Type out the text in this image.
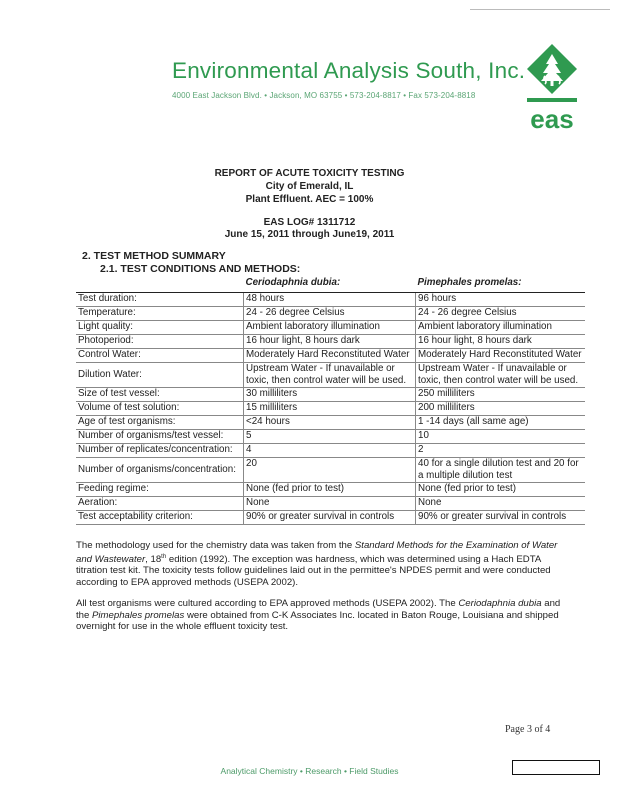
Environmental Analysis South, Inc.
4000 East Jackson Blvd. • Jackson, MO 63755 • 573-204-8817 • Fax 573-204-8818
eas
REPORT OF ACUTE TOXICITY TESTING
City of Emerald, IL
Plant Effluent. AEC = 100%
EAS LOG# 1311712
June 15, 2011 through June19, 2011
2. TEST METHOD SUMMARY
2.1. TEST CONDITIONS AND METHODS:
	Ceriodaphnia dubia:	Pimephales promelas:
Test duration:	48 hours	96 hours
Temperature:	24 - 26 degree Celsius	24 - 26 degree Celsius
Light quality:	Ambient laboratory illumination	Ambient laboratory illumination
Photoperiod:	16 hour light, 8 hours dark	16 hour light, 8 hours dark
Control Water:	Moderately Hard Reconstituted Water	Moderately Hard Reconstituted Water
Dilution Water:	Upstream Water - If unavailable or toxic, then control water will be used.	Upstream Water - If unavailable or toxic, then control water will be used.
Size of test vessel:	30 milliliters	250 milliliters
Volume of test solution:	15 milliliters	200 milliliters
Age of test organisms:	<24 hours	1 -14 days (all same age)
Number of organisms/test vessel:	5	10
Number of replicates/concentration:	4	2
Number of organisms/concentration:	20	40 for a single dilution test and 20 for a multiple dilution test
Feeding regime:	None (fed prior to test)	None (fed prior to test)
Aeration:	None	None
Test acceptability criterion:	90% or greater survival in controls	90% or greater survival in controls

The methodology used for the chemistry data was taken from the Standard Methods for the Examination of Water and Wastewater, 18th edition (1992). The exception was hardness, which was determined using a Hach EDTA titration test kit. The toxicity tests follow guidelines laid out in the permittee's NPDES permit and were conducted according to EPA approved methods (USEPA 2002).

All test organisms were cultured according to EPA approved methods (USEPA 2002). The Ceriodaphnia dubia and the Pimephales promelas were obtained from C-K Associates Inc. located in Baton Rouge, Louisiana and shipped overnight for use in the whole effluent toxicity test.

Page 3 of 4
Analytical Chemistry • Research • Field Studies
